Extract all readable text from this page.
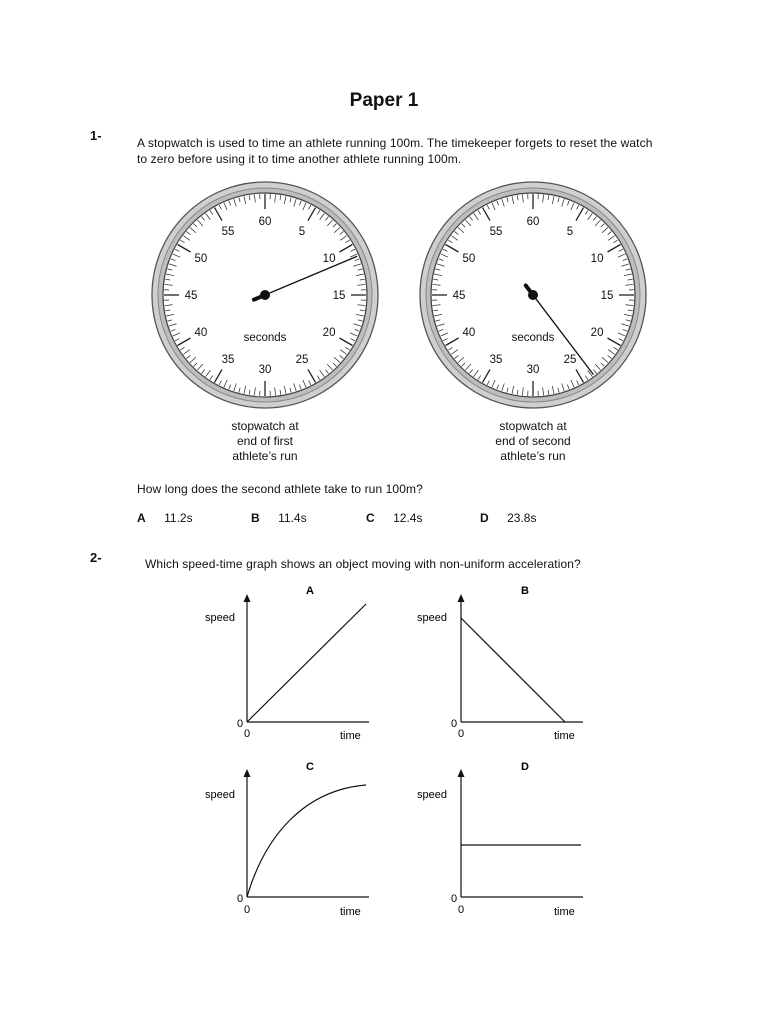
Paper 1
1-	A stopwatch is used to time an athlete running 100m. The timekeeper forgets to reset the watch
to zero before using it to time another athlete running 100m.
60
5
10
15
20
25
30
35
40
45
50
55
seconds
60
5
10
15
20
25
30
35
40
45
50
55
seconds
stopwatch at
end of first
athlete’s run
stopwatch at
end of second
athlete’s run
How long does the second athlete take to run 100m?
A 11.2s	B 11.4s	C 12.4s	D 23.8s
2-	Which speed-time graph shows an object moving with non-uniform acceleration?
A
speed
0
0	time
B
speed
0
0	time
C
speed
0
0	time
D
speed
0
0	time
